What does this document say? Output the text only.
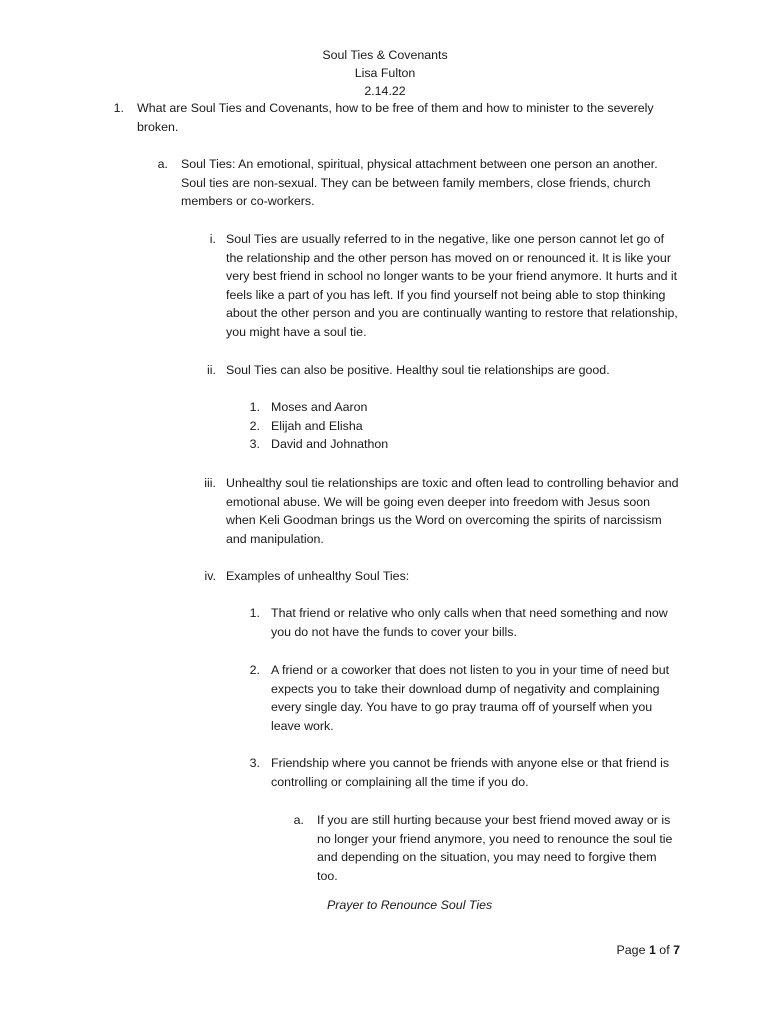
Soul Ties & Covenants
Lisa Fulton
2.14.22
1. What are Soul Ties and Covenants, how to be free of them and how to minister to the severely broken.
a. Soul Ties: An emotional, spiritual, physical attachment between one person an another. Soul ties are non-sexual. They can be between family members, close friends, church members or co-workers.
i. Soul Ties are usually referred to in the negative, like one person cannot let go of the relationship and the other person has moved on or renounced it. It is like your very best friend in school no longer wants to be your friend anymore. It hurts and it feels like a part of you has left. If you find yourself not being able to stop thinking about the other person and you are continually wanting to restore that relationship, you might have a soul tie.
ii. Soul Ties can also be positive. Healthy soul tie relationships are good.
1. Moses and Aaron
2. Elijah and Elisha
3. David and Johnathon
iii. Unhealthy soul tie relationships are toxic and often lead to controlling behavior and emotional abuse. We will be going even deeper into freedom with Jesus soon when Keli Goodman brings us the Word on overcoming the spirits of narcissism and manipulation.
iv. Examples of unhealthy Soul Ties:
1. That friend or relative who only calls when that need something and now you do not have the funds to cover your bills.
2. A friend or a coworker that does not listen to you in your time of need but expects you to take their download dump of negativity and complaining every single day. You have to go pray trauma off of yourself when you leave work.
3. Friendship where you cannot be friends with anyone else or that friend is controlling or complaining all the time if you do.
a. If you are still hurting because your best friend moved away or is no longer your friend anymore, you need to renounce the soul tie and depending on the situation, you may need to forgive them too.
Prayer to Renounce Soul Ties
Page 1 of 7
